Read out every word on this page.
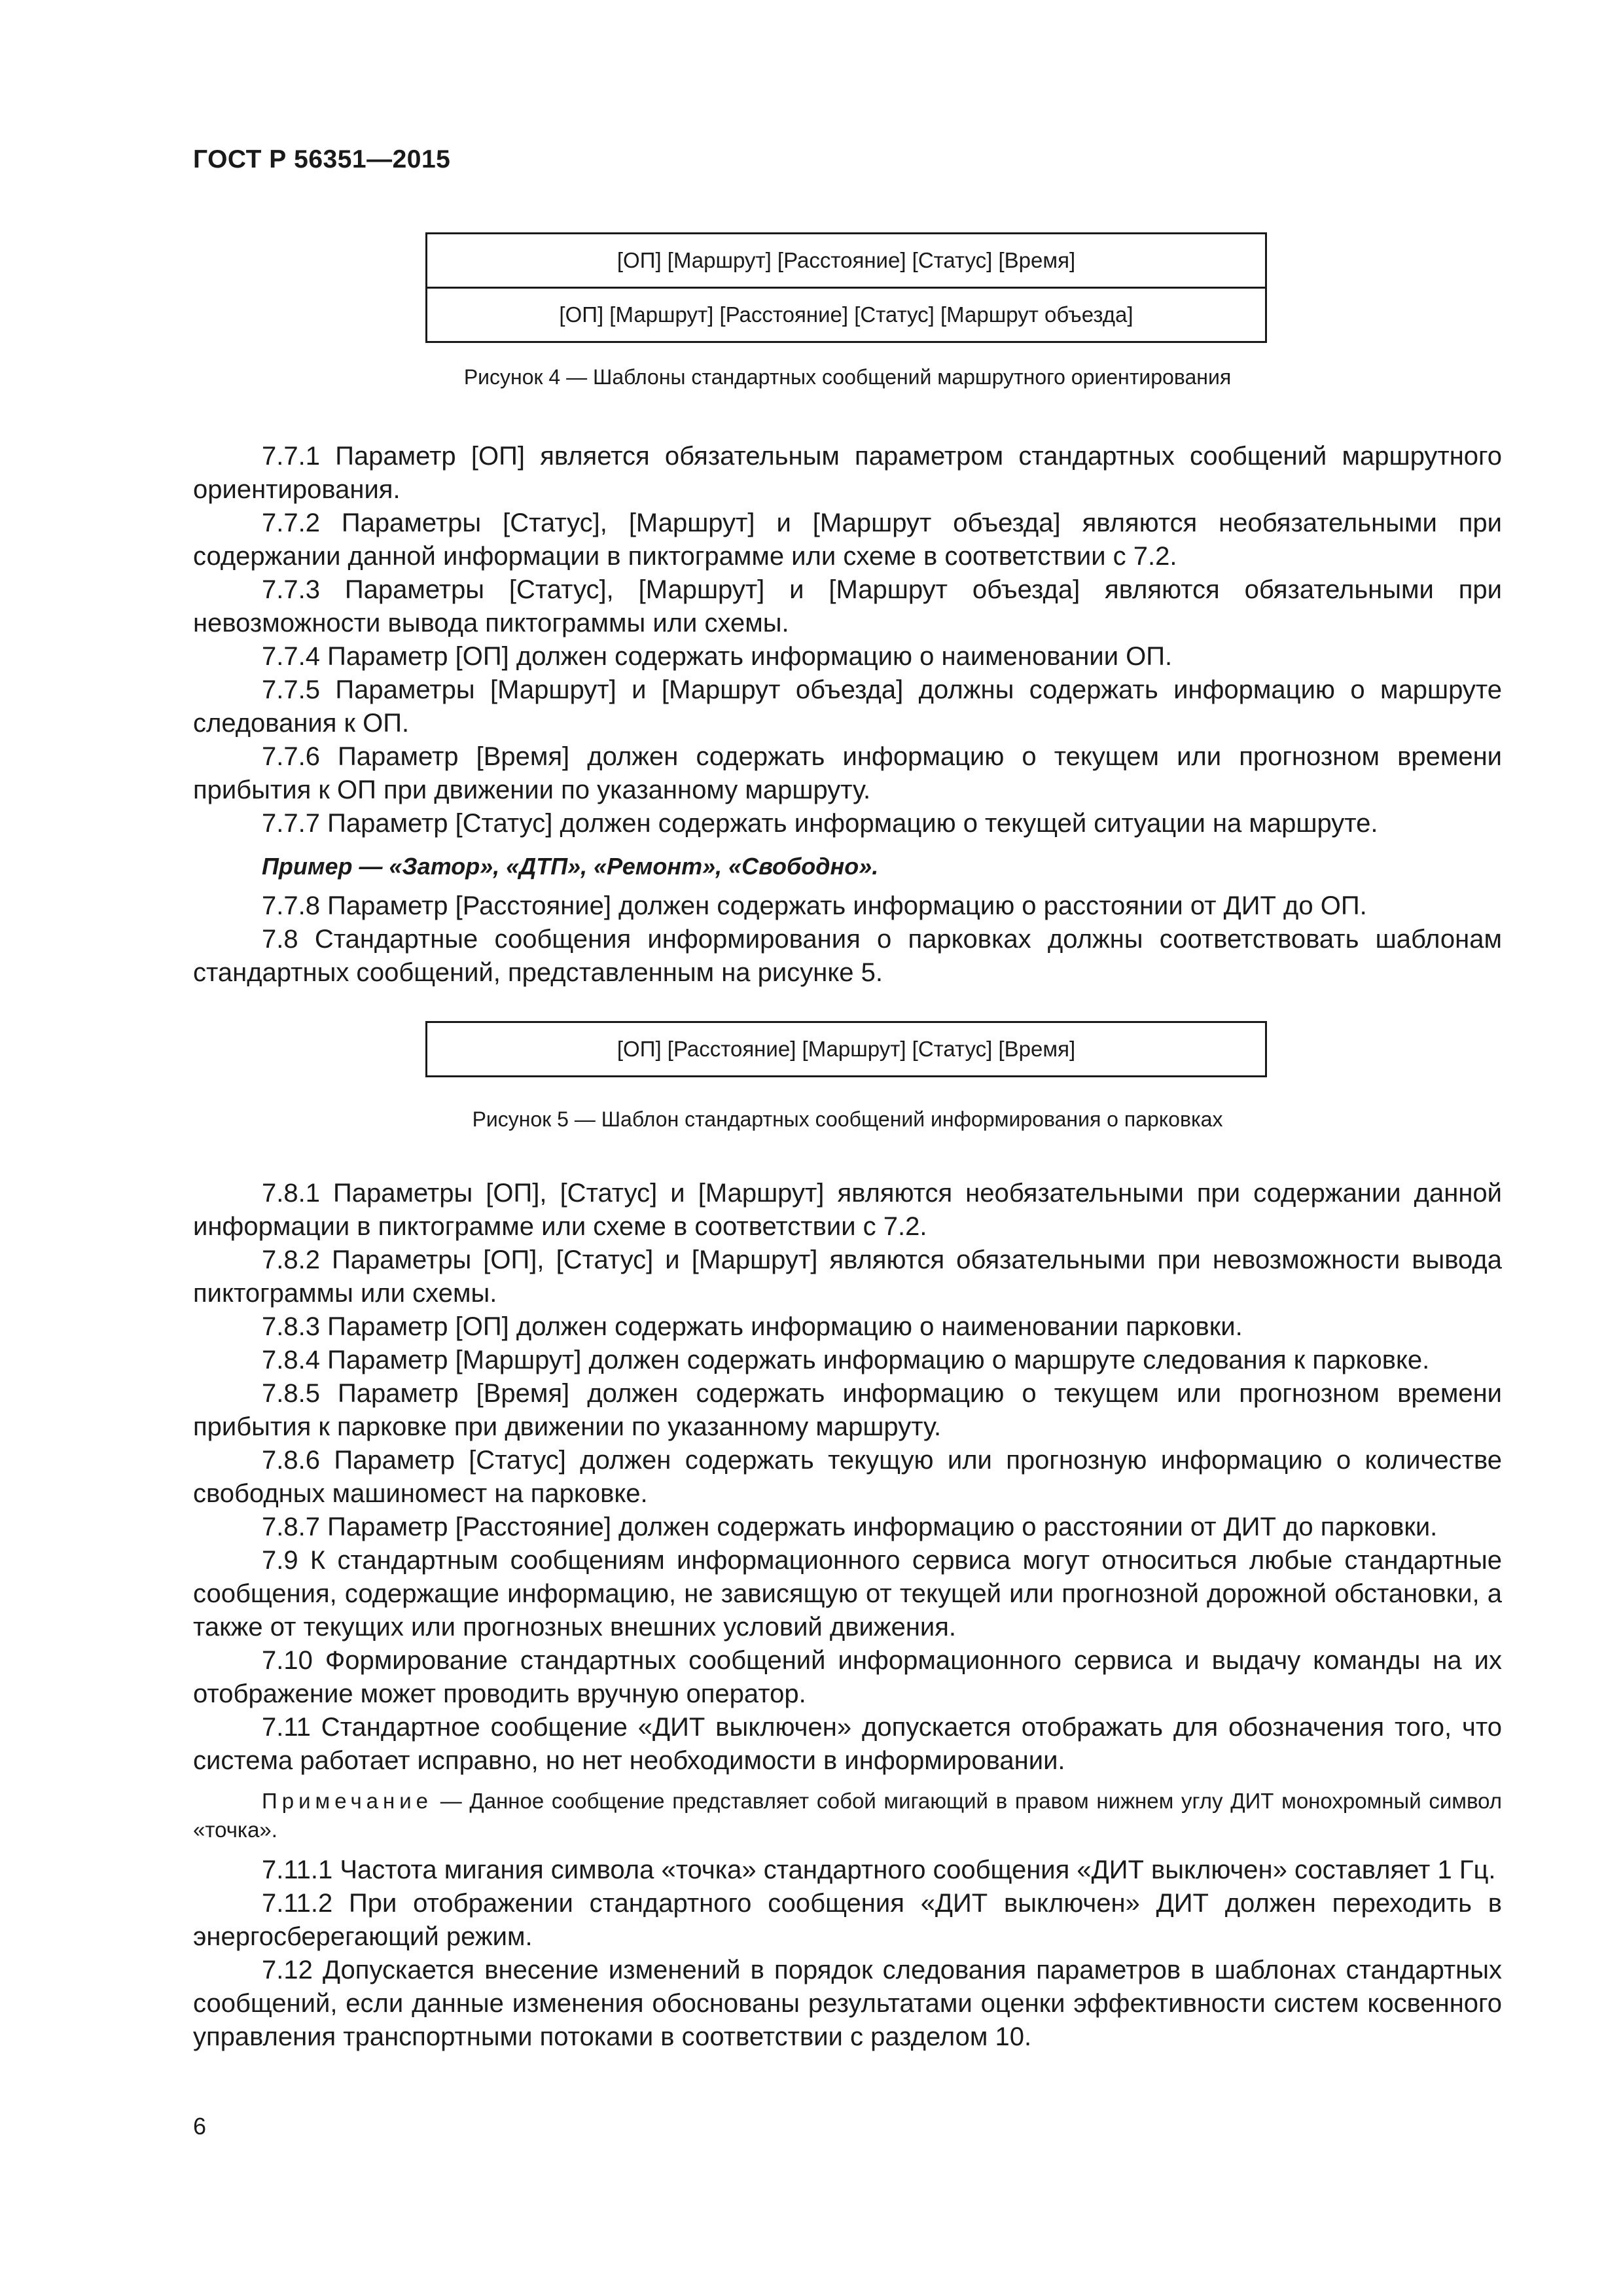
ГОСТ Р 56351—2015
[ОП] [Маршрут] [Расстояние] [Статус] [Время]
[ОП] [Маршрут] [Расстояние] [Статус] [Маршрут объезда]
Рисунок 4 — Шаблоны стандартных сообщений маршрутного ориентирования

7.7.1 Параметр [ОП] является обязательным параметром стандартных сообщений маршрутного ориентирования.

7.7.2 Параметры [Статус], [Маршрут] и [Маршрут объезда] являются необязательными при содержании данной информации в пиктограмме или схеме в соответствии с 7.2.

7.7.3 Параметры [Статус], [Маршрут] и [Маршрут объезда] являются обязательными при невозможности вывода пиктограммы или схемы.

7.7.4 Параметр [ОП] должен содержать информацию о наименовании ОП.

7.7.5 Параметры [Маршрут] и [Маршрут объезда] должны содержать информацию о маршруте следования к ОП.

7.7.6 Параметр [Время] должен содержать информацию о текущем или прогнозном времени прибытия к ОП при движении по указанному маршруту.

7.7.7 Параметр [Статус] должен содержать информацию о текущей ситуации на маршруте.

Пример — «Затор», «ДТП», «Ремонт», «Свободно».

7.7.8 Параметр [Расстояние] должен содержать информацию о расстоянии от ДИТ до ОП.

7.8 Стандартные сообщения информирования о парковках должны соответствовать шаблонам стандартных сообщений, представленным на рисунке 5.

[ОП] [Расстояние] [Маршрут] [Статус] [Время]
Рисунок 5 — Шаблон стандартных сообщений информирования о парковках

7.8.1 Параметры [ОП], [Статус] и [Маршрут] являются необязательными при содержании данной информации в пиктограмме или схеме в соответствии с 7.2.

7.8.2 Параметры [ОП], [Статус] и [Маршрут] являются обязательными при невозможности вывода пиктограммы или схемы.

7.8.3 Параметр [ОП] должен содержать информацию о наименовании парковки.

7.8.4 Параметр [Маршрут] должен содержать информацию о маршруте следования к парковке.

7.8.5 Параметр [Время] должен содержать информацию о текущем или прогнозном времени прибытия к парковке при движении по указанному маршруту.

7.8.6 Параметр [Статус] должен содержать текущую или прогнозную информацию о количестве свободных машиномест на парковке.

7.8.7 Параметр [Расстояние] должен содержать информацию о расстоянии от ДИТ до парковки.

7.9 К стандартным сообщениям информационного сервиса могут относиться любые стандартные сообщения, содержащие информацию, не зависящую от текущей или прогнозной дорожной обстановки, а также от текущих или прогнозных внешних условий движения.

7.10 Формирование стандартных сообщений информационного сервиса и выдачу команды на их отображение может проводить вручную оператор.

7.11 Стандартное сообщение «ДИТ выключен» допускается отображать для обозначения того, что система работает исправно, но нет необходимости в информировании.

Примечание — Данное сообщение представляет собой мигающий в правом нижнем углу ДИТ монохромный символ «точка».

7.11.1 Частота мигания символа «точка» стандартного сообщения «ДИТ выключен» составляет 1 Гц.

7.11.2 При отображении стандартного сообщения «ДИТ выключен» ДИТ должен переходить в энергосберегающий режим.

7.12 Допускается внесение изменений в порядок следования параметров в шаблонах стандартных сообщений, если данные изменения обоснованы результатами оценки эффективности систем косвенного управления транспортными потоками в соответствии с разделом 10.

6
